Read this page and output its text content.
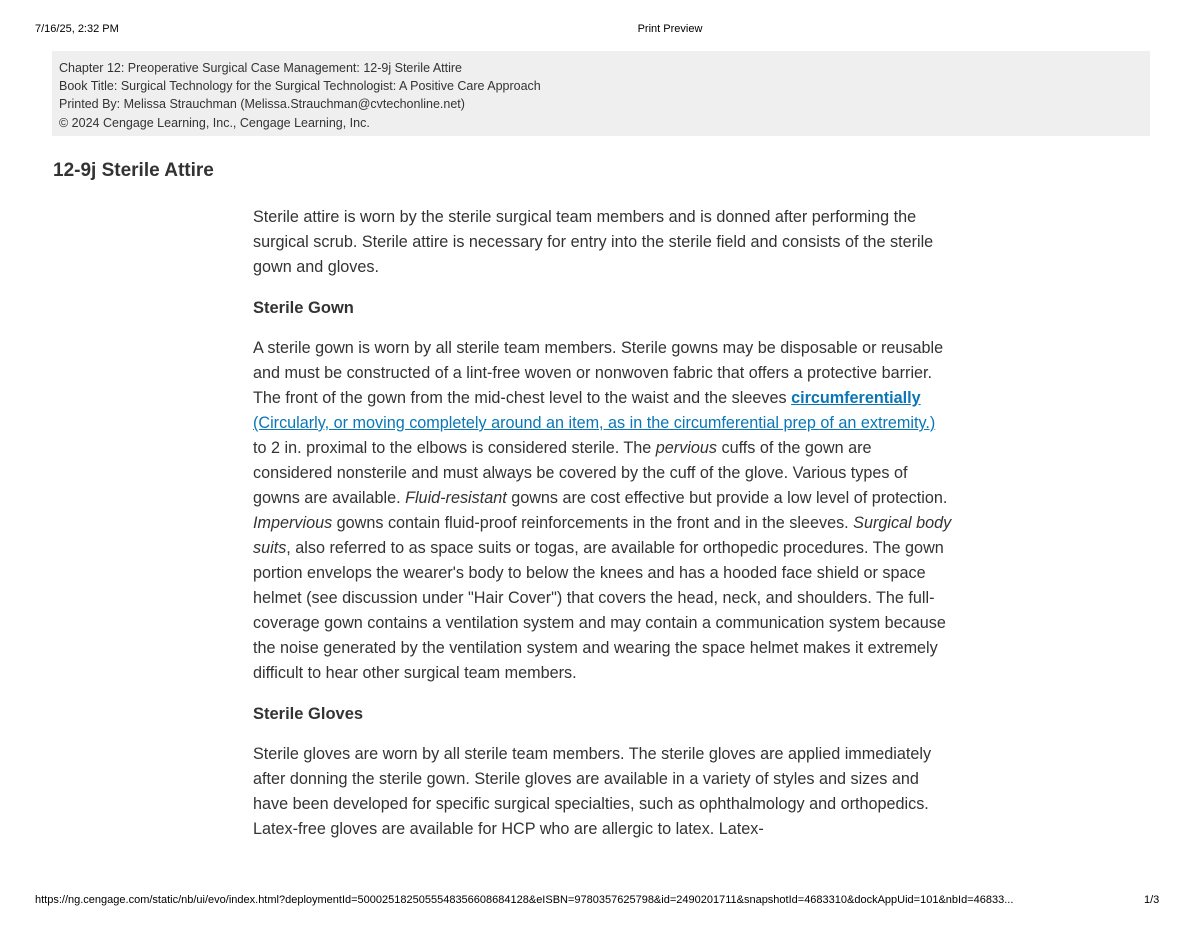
7/16/25, 2:32 PM	Print Preview
Chapter 12: Preoperative Surgical Case Management: 12-9j Sterile Attire
Book Title: Surgical Technology for the Surgical Technologist: A Positive Care Approach
Printed By: Melissa Strauchman (Melissa.Strauchman@cvtechonline.net)
© 2024 Cengage Learning, Inc., Cengage Learning, Inc.
12-9j Sterile Attire

Sterile attire is worn by the sterile surgical team members and is donned after performing the surgical scrub. Sterile attire is necessary for entry into the sterile field and consists of the sterile gown and gloves.

Sterile Gown

A sterile gown is worn by all sterile team members. Sterile gowns may be disposable or reusable and must be constructed of a lint-free woven or nonwoven fabric that offers a protective barrier. The front of the gown from the mid-chest level to the waist and the sleeves circumferentially (Circularly, or moving completely around an item, as in the circumferential prep of an extremity.) to 2 in. proximal to the elbows is considered sterile. The pervious cuffs of the gown are considered nonsterile and must always be covered by the cuff of the glove. Various types of gowns are available. Fluid-resistant gowns are cost effective but provide a low level of protection. Impervious gowns contain fluid-proof reinforcements in the front and in the sleeves. Surgical body suits, also referred to as space suits or togas, are available for orthopedic procedures. The gown portion envelops the wearer's body to below the knees and has a hooded face shield or space helmet (see discussion under "Hair Cover") that covers the head, neck, and shoulders. The full-coverage gown contains a ventilation system and may contain a communication system because the noise generated by the ventilation system and wearing the space helmet makes it extremely difficult to hear other surgical team members.

Sterile Gloves

Sterile gloves are worn by all sterile team members. The sterile gloves are applied immediately after donning the sterile gown. Sterile gloves are available in a variety of styles and sizes and have been developed for specific surgical specialties, such as ophthalmology and orthopedics. Latex-free gloves are available for HCP who are allergic to latex. Latex-

https://ng.cengage.com/static/nb/ui/evo/index.html?deploymentId=5000251825055548356608684128&eISBN=9780357625798&id=2490201711&snapshotId=4683310&dockAppUid=101&nbId=46833...	1/3
